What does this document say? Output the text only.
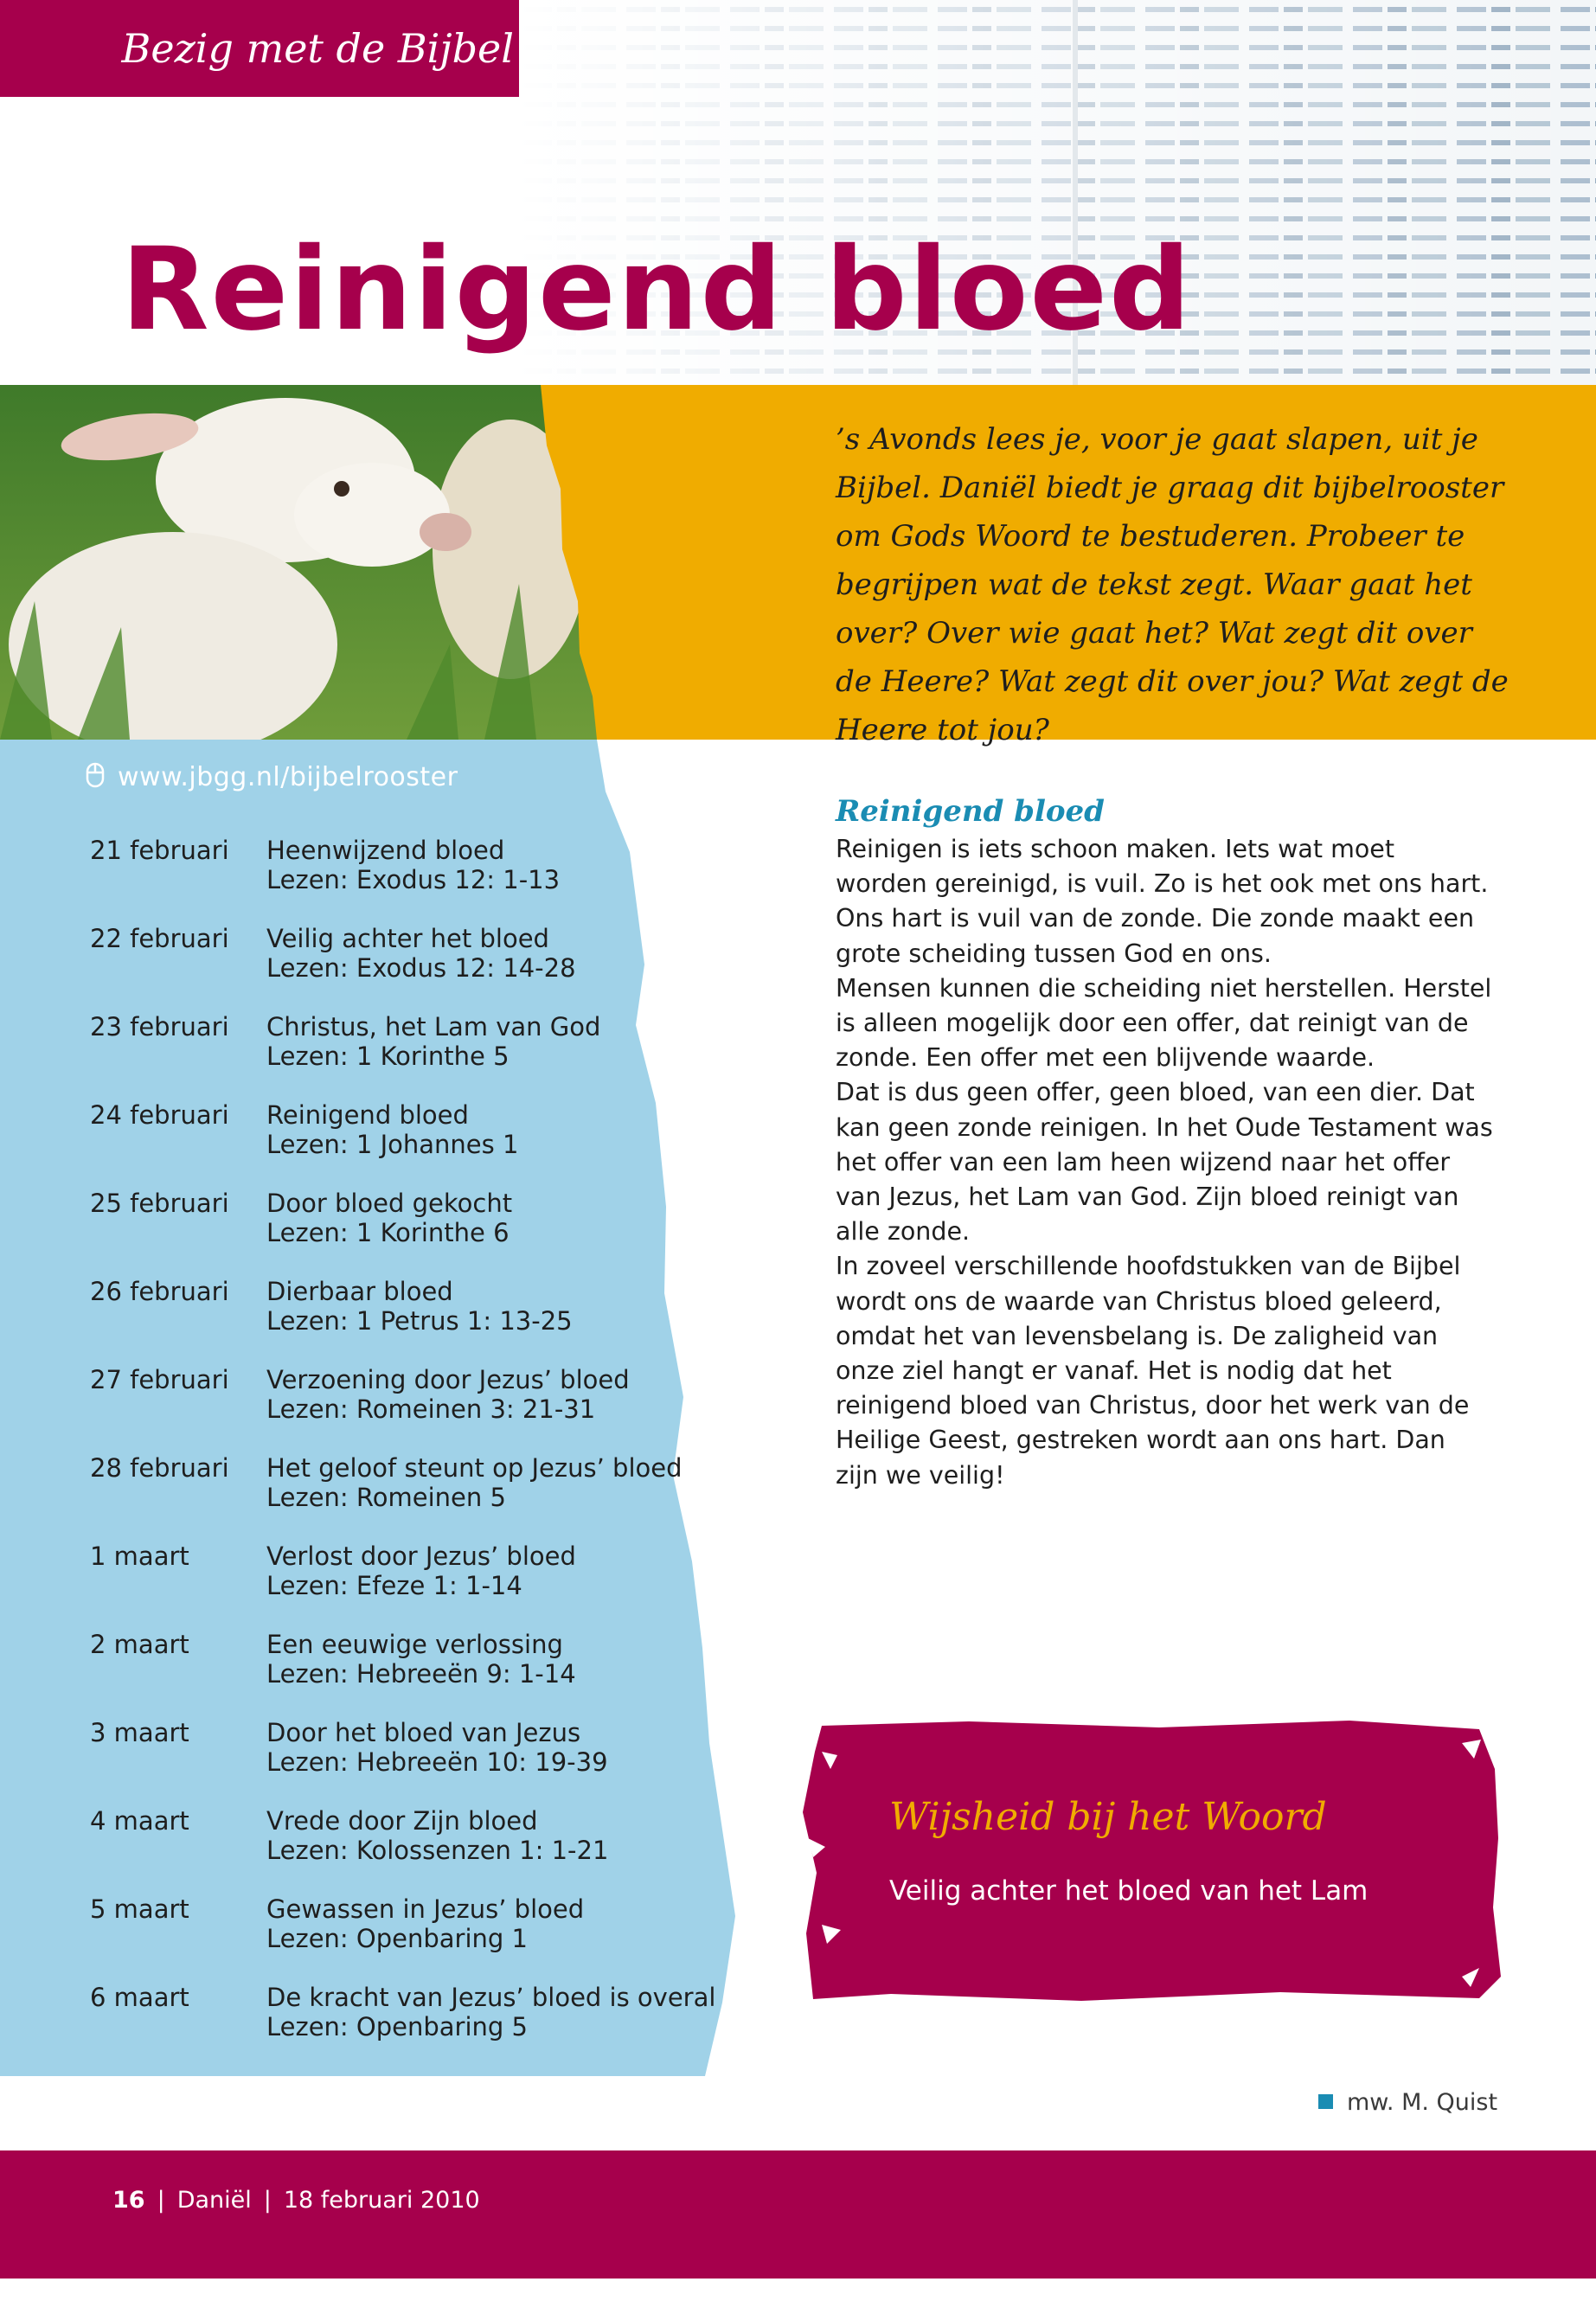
Bezig met de Bijbel
Reinigend bloed
’s Avonds lees je, voor je gaat slapen, uit je Bijbel. Daniël biedt je graag dit bijbelrooster om Gods Woord te bestuderen. Probeer te begrijpen wat de tekst zegt. Waar gaat het over? Over wie gaat het? Wat zegt dit over de Heere? Wat zegt dit over jou? Wat zegt de Heere tot jou?
www.jbgg.nl/bijbelrooster
21 februari Heenwijzend bloed
Lezen: Exodus 12: 1-13
22 februari Veilig achter het bloed
Lezen: Exodus 12: 14-28
23 februari Christus, het Lam van God
Lezen: 1 Korinthe 5
24 februari Reinigend bloed
Lezen: 1 Johannes 1
25 februari Door bloed gekocht
Lezen: 1 Korinthe 6
26 februari Dierbaar bloed
Lezen: 1 Petrus 1: 13-25
27 februari Verzoening door Jezus’ bloed
Lezen: Romeinen 3: 21-31
28 februari Het geloof steunt op Jezus’ bloed
Lezen: Romeinen 5
1 maart	Verlost door Jezus’ bloed
Lezen: Efeze 1: 1-14
2 maart	Een eeuwige verlossing
Lezen: Hebreeën 9: 1-14
3 maart	Door het bloed van Jezus
Lezen: Hebreeën 10: 19-39
4 maart	Vrede door Zijn bloed
Lezen: Kolossenzen 1: 1-21
5 maart	Gewassen in Jezus’ bloed
Lezen: Openbaring 1
6 maart	De kracht van Jezus’ bloed is overal
Lezen: Openbaring 5
Reinigend bloed

Reinigen is iets schoon maken. Iets wat moet worden gereinigd, is vuil. Zo is het ook met ons hart. Ons hart is vuil van de zonde. Die zonde maakt een grote scheiding tussen God en ons.

Mensen kunnen die scheiding niet herstellen. Herstel is alleen mogelijk door een offer, dat reinigt van de zonde. Een offer met een blijvende waarde.

Dat is dus geen offer, geen bloed, van een dier. Dat kan geen zonde reinigen. In het Oude Testament was het offer van een lam heen wijzend naar het offer van Jezus, het Lam van God. Zijn bloed reinigt van alle zonde.

In zoveel verschillende hoofdstukken van de Bijbel wordt ons de waarde van Christus bloed geleerd, omdat het van levensbelang is. De zaligheid van onze ziel hangt er vanaf. Het is nodig dat het reinigend bloed van Christus, door het werk van de Heilige Geest, gestreken wordt aan ons hart. Dan zijn we veilig!

Wijsheid bij het Woord
Veilig achter het bloed van het Lam
mw. M. Quist
16 | Daniël | 18 februari 2010
